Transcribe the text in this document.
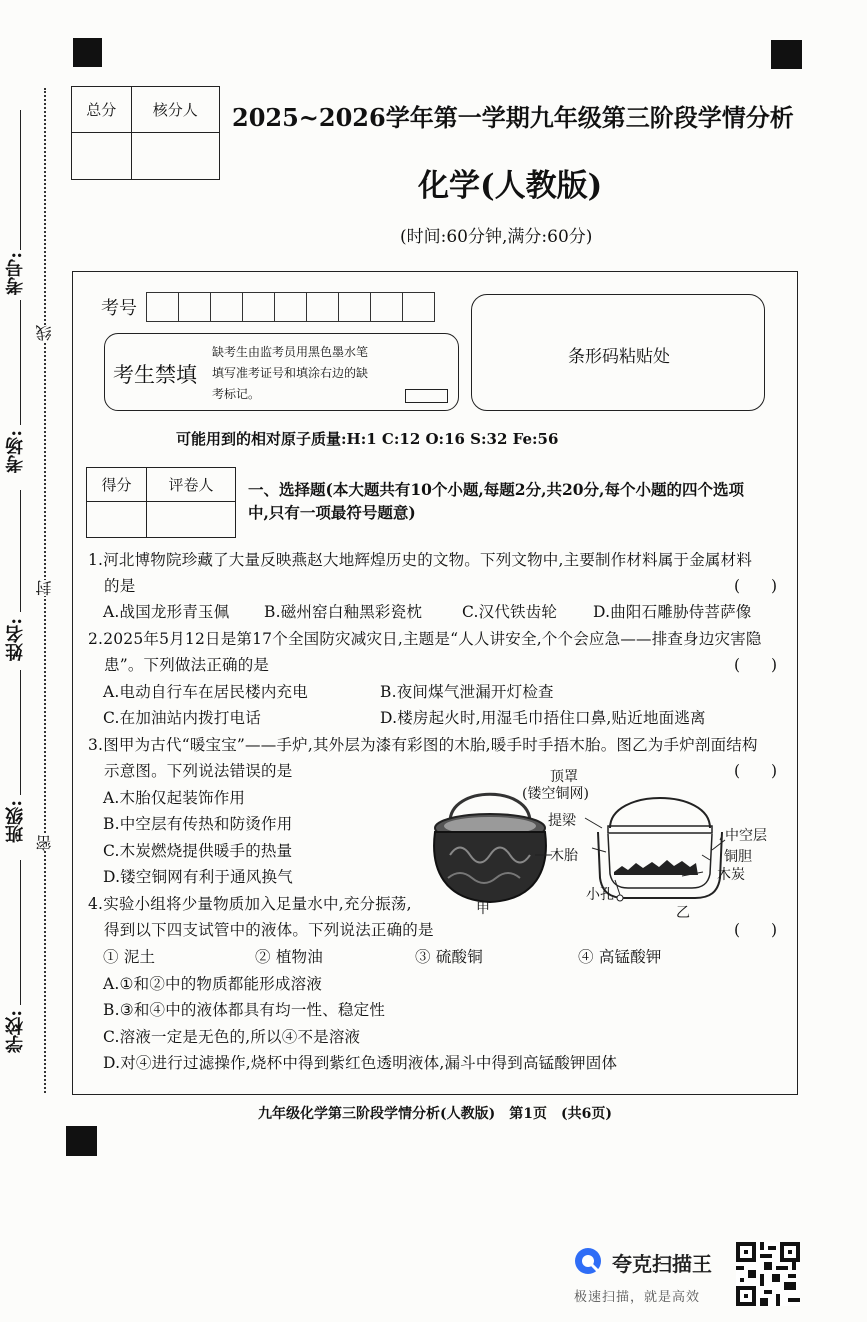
考号:
考场:
姓名:
班级:
学校:
线
封
密
总分	核分人
	2025~2026学年第一学期九年级第三阶段学情分析
化学(人教版)
(时间:60分钟,满分:60分)
考号
考生禁填
缺考生由监考员用黑色墨水笔
填写准考证号和填涂右边的缺
考标记。
条形码粘贴处
可能用到的相对原子质量:H:1 C:12 O:16 S:32 Fe:56
得分	评卷人
	一、选择题(本大题共有10个小题,每题2分,共20分,每个小题的四个选项
中,只有一项最符号题意)
1.河北博物院珍藏了大量反映燕赵大地辉煌历史的文物。下列文物中,主要制作材料属于金属材料
的是	(　　)
A.战国龙形青玉佩 B.磁州窑白釉黑彩瓷枕	C.汉代铁齿轮 D.曲阳石雕胁侍菩萨像
2.2025年5月12日是第17个全国防灾减灾日,主题是“人人讲安全,个个会应急——排查身边灾害隐
患”。下列做法正确的是	(　　)
A.电动自行车在居民楼内充电	B.夜间煤气泄漏开灯检查
C.在加油站内拨打电话	D.楼房起火时,用湿毛巾捂住口鼻,贴近地面逃离
3.图甲为古代“暖宝宝”——手炉,其外层为漆有彩图的木胎,暖手时手捂木胎。图乙为手炉剖面结构
示意图。下列说法错误的是	(　　)
A.木胎仅起装饰作用
B.中空层有传热和防烫作用
C.木炭燃烧提供暖手的热量
D.镂空铜网有利于通风换气
顶罩
(镂空铜网)
提梁
木胎
中空层
铜胆
木炭
小孔
甲	乙
4.实验小组将少量物质加入足量水中,充分振荡,
得到以下四支试管中的液体。下列说法正确的是	(　　)
① 泥土	② 植物油	③ 硫酸铜	④ 高锰酸钾
A.①和②中的物质都能形成溶液
B.③和④中的液体都具有均一性、稳定性
C.溶液一定是无色的,所以④不是溶液
D.对④进行过滤操作,烧杯中得到紫红色透明液体,漏斗中得到高锰酸钾固体
九年级化学第三阶段学情分析(人教版)　第1页　(共6页)
夸克扫描王
极速扫描，就是高效
